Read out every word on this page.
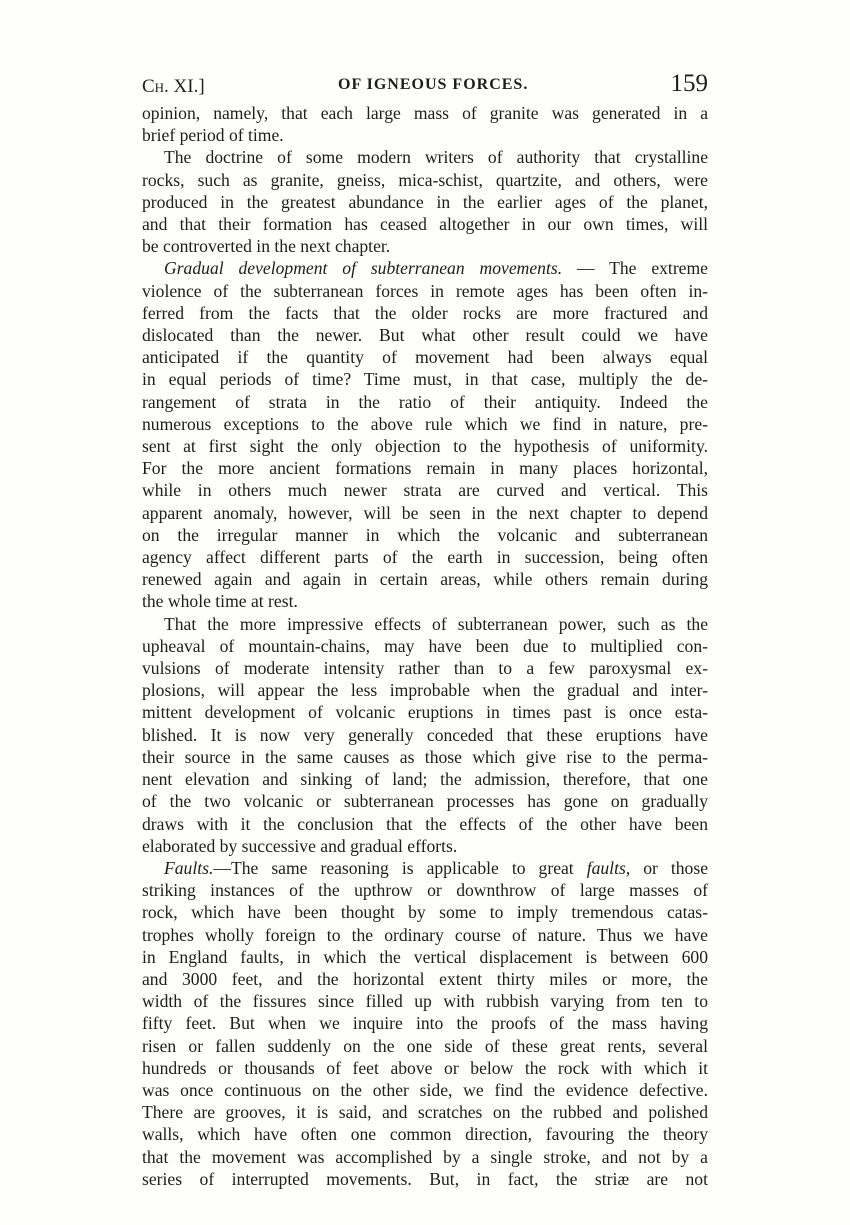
Ch. XI.]	OF IGNEOUS FORCES.	159
opinion, namely, that each large mass of granite was generated in a
brief period of time.
The doctrine of some modern writers of authority that crystalline
rocks, such as granite, gneiss, mica-schist, quartzite, and others, were
produced in the greatest abundance in the earlier ages of the planet,
and that their formation has ceased altogether in our own times, will
be controverted in the next chapter.
Gradual development of subterranean movements. — The extreme
violence of the subterranean forces in remote ages has been often in-
ferred from the facts that the older rocks are more fractured and
dislocated than the newer. But what other result could we have
anticipated if the quantity of movement had been always equal
in equal periods of time? Time must, in that case, multiply the de-
rangement of strata in the ratio of their antiquity. Indeed the
numerous exceptions to the above rule which we find in nature, pre-
sent at first sight the only objection to the hypothesis of uniformity.
For the more ancient formations remain in many places horizontal,
while in others much newer strata are curved and vertical. This
apparent anomaly, however, will be seen in the next chapter to depend
on the irregular manner in which the volcanic and subterranean
agency affect different parts of the earth in succession, being often
renewed again and again in certain areas, while others remain during
the whole time at rest.
That the more impressive effects of subterranean power, such as the
upheaval of mountain-chains, may have been due to multiplied con-
vulsions of moderate intensity rather than to a few paroxysmal ex-
plosions, will appear the less improbable when the gradual and inter-
mittent development of volcanic eruptions in times past is once esta-
blished. It is now very generally conceded that these eruptions have
their source in the same causes as those which give rise to the perma-
nent elevation and sinking of land; the admission, therefore, that one
of the two volcanic or subterranean processes has gone on gradually
draws with it the conclusion that the effects of the other have been
elaborated by successive and gradual efforts.
Faults.—The same reasoning is applicable to great faults, or those
striking instances of the upthrow or downthrow of large masses of
rock, which have been thought by some to imply tremendous catas-
trophes wholly foreign to the ordinary course of nature. Thus we have
in England faults, in which the vertical displacement is between 600
and 3000 feet, and the horizontal extent thirty miles or more, the
width of the fissures since filled up with rubbish varying from ten to
fifty feet. But when we inquire into the proofs of the mass having
risen or fallen suddenly on the one side of these great rents, several
hundreds or thousands of feet above or below the rock with which it
was once continuous on the other side, we find the evidence defective.
There are grooves, it is said, and scratches on the rubbed and polished
walls, which have often one common direction, favouring the theory
that the movement was accomplished by a single stroke, and not by a
series of interrupted movements. But, in fact, the striæ are not
